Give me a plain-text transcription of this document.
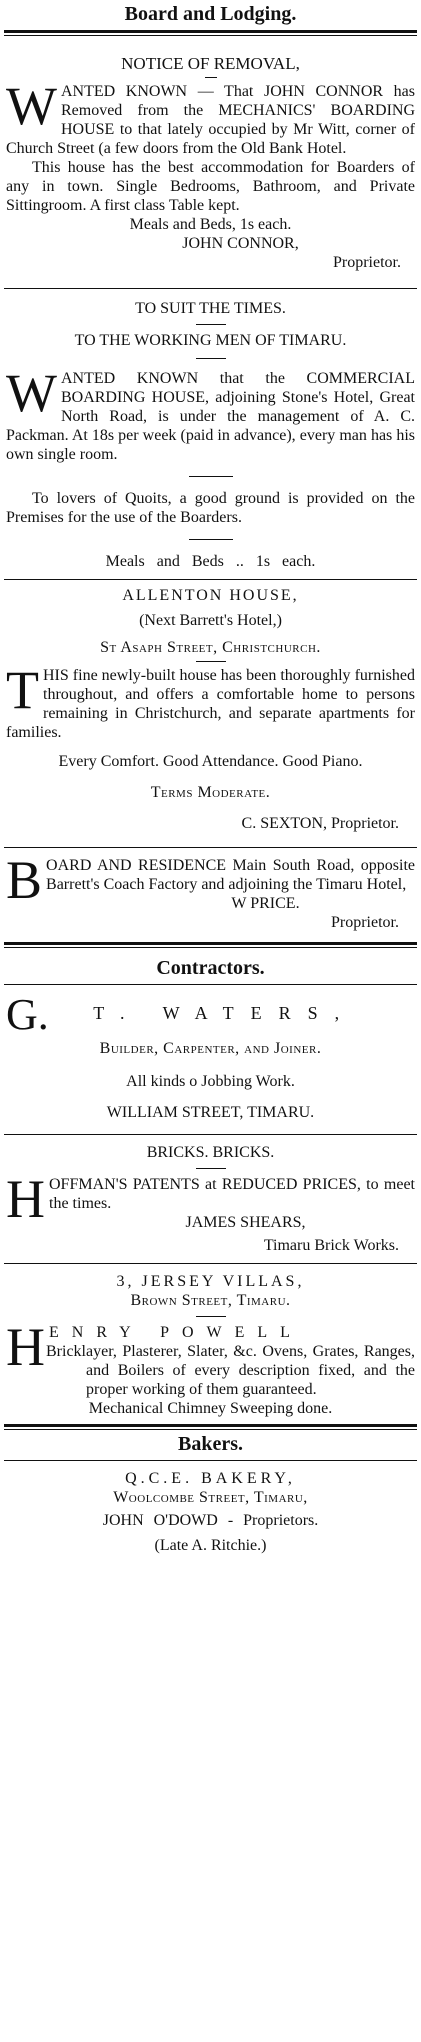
Board and Lodging.

NOTICE OF REMOVAL,

W ANTED KNOWN — That JOHN CONNOR has Removed from the MECHANICS' BOARDING HOUSE to that lately occupied by Mr Witt, corner of Church Street (a few doors from the Old Bank Hotel.

This house has the best accommodation for Boarders of any in town. Single Bedrooms, Bathroom, and Private Sittingroom. A first class Table kept.

Meals and Beds, 1s each.

JOHN CONNOR,

Proprietor.

TO SUIT THE TIMES.

TO THE WORKING MEN OF TIMARU.

W ANTED KNOWN that the COMMERCIAL BOARDING HOUSE, adjoining Stone's Hotel, Great North Road, is under the management of A. C. Packman. At 18s per week (paid in advance), every man has his own single room.

To lovers of Quoits, a good ground is provided on the Premises for the use of the Boarders.

Meals and Beds .. 1s each.

ALLENTON HOUSE,

(Next Barrett's Hotel,)

St Asaph Street, Christchurch.

T HIS fine newly-built house has been thoroughly furnished throughout, and offers a comfortable home to persons remaining in Christchurch, and separate apartments for families.

Every Comfort. Good Attendance. Good Piano.

Terms Moderate.

C. SEXTON, Proprietor.

B OARD AND RESIDENCE Main South Road, opposite Barrett's Coach Factory and adjoining the Timaru Hotel,

W PRICE.

Proprietor.

Contractors.

G. T. WATERS,

Builder, Carpenter, and Joiner.

All kinds o Jobbing Work.

WILLIAM STREET, TIMARU.

BRICKS. BRICKS.

H OFFMAN'S PATENTS at REDUCED PRICES, to meet the times.

JAMES SHEARS,

Timaru Brick Works.

3, JERSEY VILLAS,

Brown Street, Timaru.

H ENRY POWELL

Bricklayer, Plasterer, Slater, &c. Ovens, Grates, Ranges, and Boilers of every description fixed, and the proper working of them guaranteed.

Mechanical Chimney Sweeping done.

Bakers.

Q.C.E. BAKERY,

Woolcombe Street, Timaru,

JOHN O'DOWD - Proprietors.

(Late A. Ritchie.)
